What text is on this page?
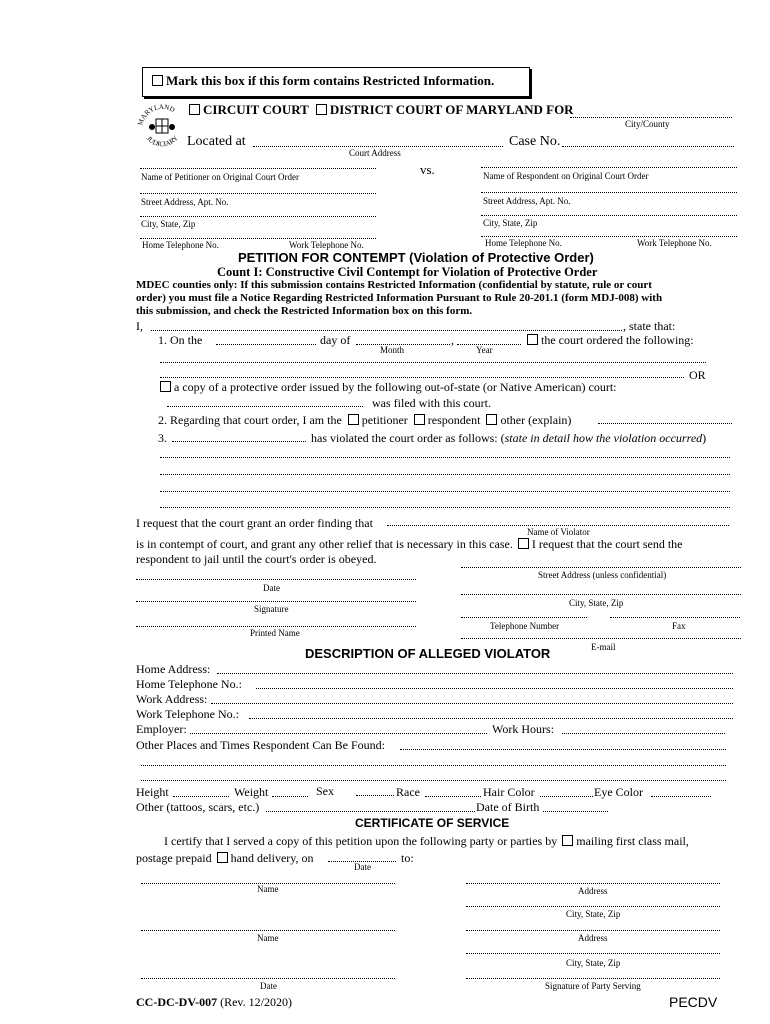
Mark this box if this form contains Restricted Information.
MARYLAND
JUDICIARY
CIRCUIT COURT DISTRICT COURT OF MARYLAND FOR
City/County
Located at
Court Address
Case No.
vs.
Name of Petitioner on Original Court Order	Name of Respondent on Original Court Order
Street Address, Apt. No.	Street Address, Apt. No.
City, State, Zip	City, State, Zip
Home Telephone No.	Work Telephone No.	Home Telephone No.	Work Telephone No.
PETITION FOR CONTEMPT (Violation of Protective Order)
Count I: Constructive Civil Contempt for Violation of Protective Order
MDEC counties only: If this submission contains Restricted Information (confidential by statute, rule or court
order) you must file a Notice Regarding Restricted Information Pursuant to Rule 20-201.1 (form MDJ-008) with
this submission, and check the Restricted Information box on this form.
I,	, state that:
1. On the	day of	,	the court ordered the following:
Month	Year
OR
a copy of a protective order issued by the following out-of-state (or Native American) court:
was filed with this court.
2. Regarding that court order, I am the petitioner respondent other (explain)
3.	has violated the court order as follows: (state in detail how the violation occurred)
I request that the court grant an order finding that
Name of Violator
is in contempt of court, and grant any other relief that is necessary in this case. I request that the court send the
respondent to jail until the court's order is obeyed.
Date
Signature
Printed Name
Street Address (unless confidential)
City, State, Zip
Telephone Number	Fax
E-mail
DESCRIPTION OF ALLEGED VIOLATOR
Home Address:
Home Telephone No.:
Work Address:
Work Telephone No.:
Employer:	Work Hours:
Other Places and Times Respondent Can Be Found:
Height	Weight	Sex	Race	Hair Color	Eye Color
Other (tattoos, scars, etc.)	Date of Birth
CERTIFICATE OF SERVICE
I certify that I served a copy of this petition upon the following party or parties by mailing first class mail,
postage prepaid hand delivery, on	to:
Date
Name	Address
City, State, Zip
Name	Address
City, State, Zip
Date	Signature of Party Serving
CC-DC-DV-007 (Rev. 12/2020)	PECDV
